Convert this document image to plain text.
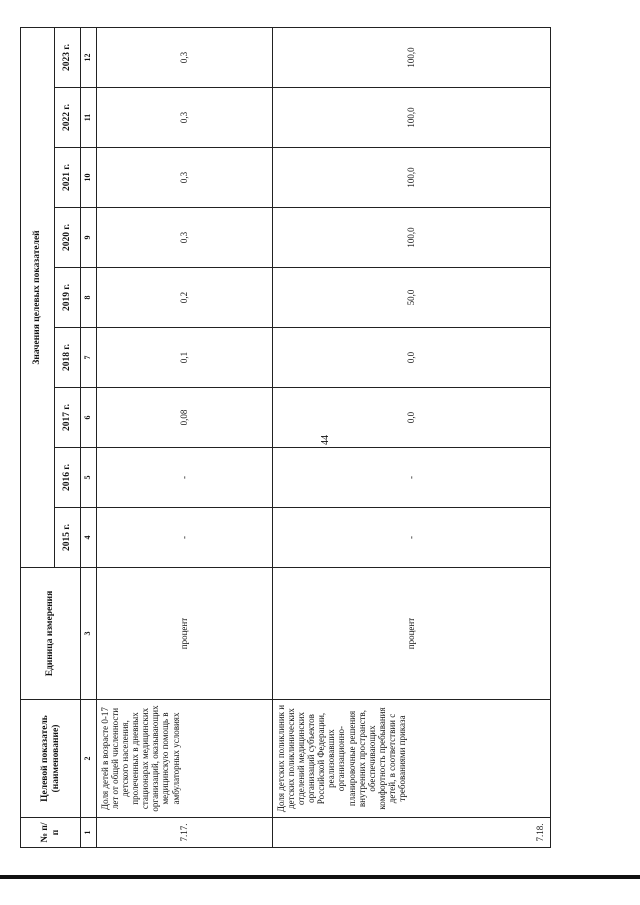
44
№ п/п	Целевой показатель (наименование)	Единица измерения	Значения целевых показателей								
			2015 г.	2016 г.	2017 г.	2018 г.	2019 г.	2020 г.	2021 г.	2022 г.	2023 г.
1	2	3	4	5	6	7	8	9	10	11	12
7.17.	Доля детей в возрасте 0-17 лет от общей численности детского населения, пролеченных в дневных стационарах медицинских организаций, оказывающих медицинскую помощь в амбулаторных условиях	процент	-	-	0,08	0,1	0,2	0,3	0,3	0,3	0,3
7.18.	Доля детских поликлиник и детских поликлинических отделений медицинских организаций субъектов Российской Федерации, реализовавших организационно-планировочные решения внутренних пространств, обеспечивающих комфортность пребывания детей, в соответствии с требованиями приказа	процент	-	-	0,0	0,0	50,0	100,0	100,0	100,0	100,0
